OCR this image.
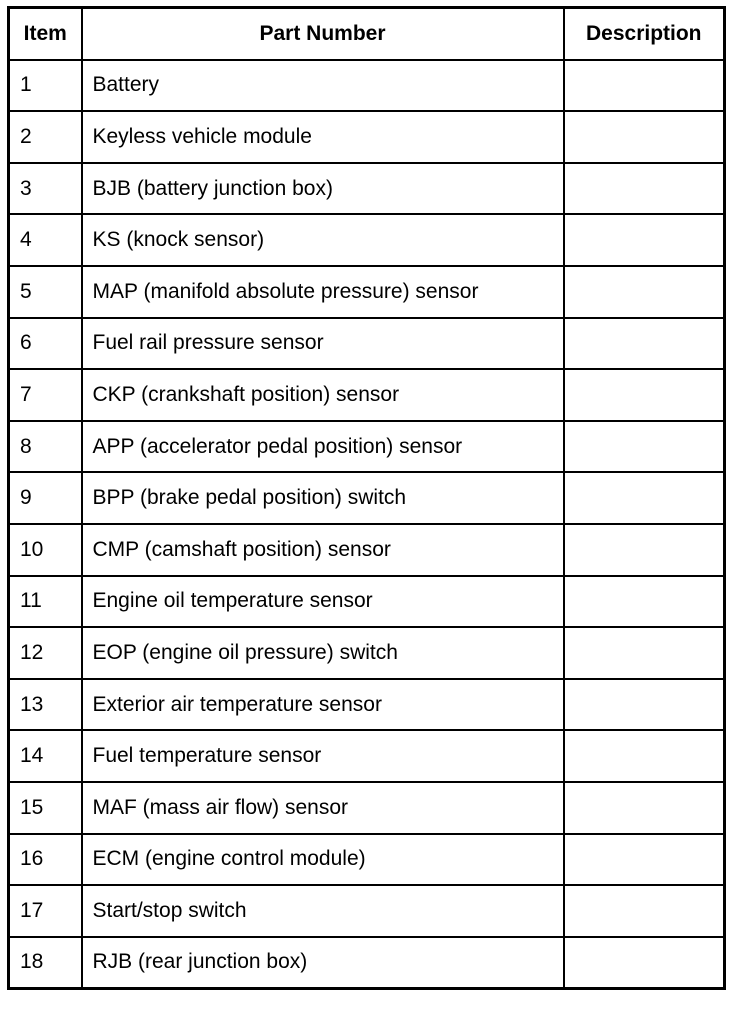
Item	Part Number	Description
1	Battery	
2	Keyless vehicle module	
3	BJB (battery junction box)	
4	KS (knock sensor)	
5	MAP (manifold absolute pressure) sensor	
6	Fuel rail pressure sensor	
7	CKP (crankshaft position) sensor	
8	APP (accelerator pedal position) sensor	
9	BPP (brake pedal position) switch	
10	CMP (camshaft position) sensor	
11	Engine oil temperature sensor	
12	EOP (engine oil pressure) switch	
13	Exterior air temperature sensor	
14	Fuel temperature sensor	
15	MAF (mass air flow) sensor	
16	ECM (engine control module)	
17	Start/stop switch	
18	RJB (rear junction box)	
